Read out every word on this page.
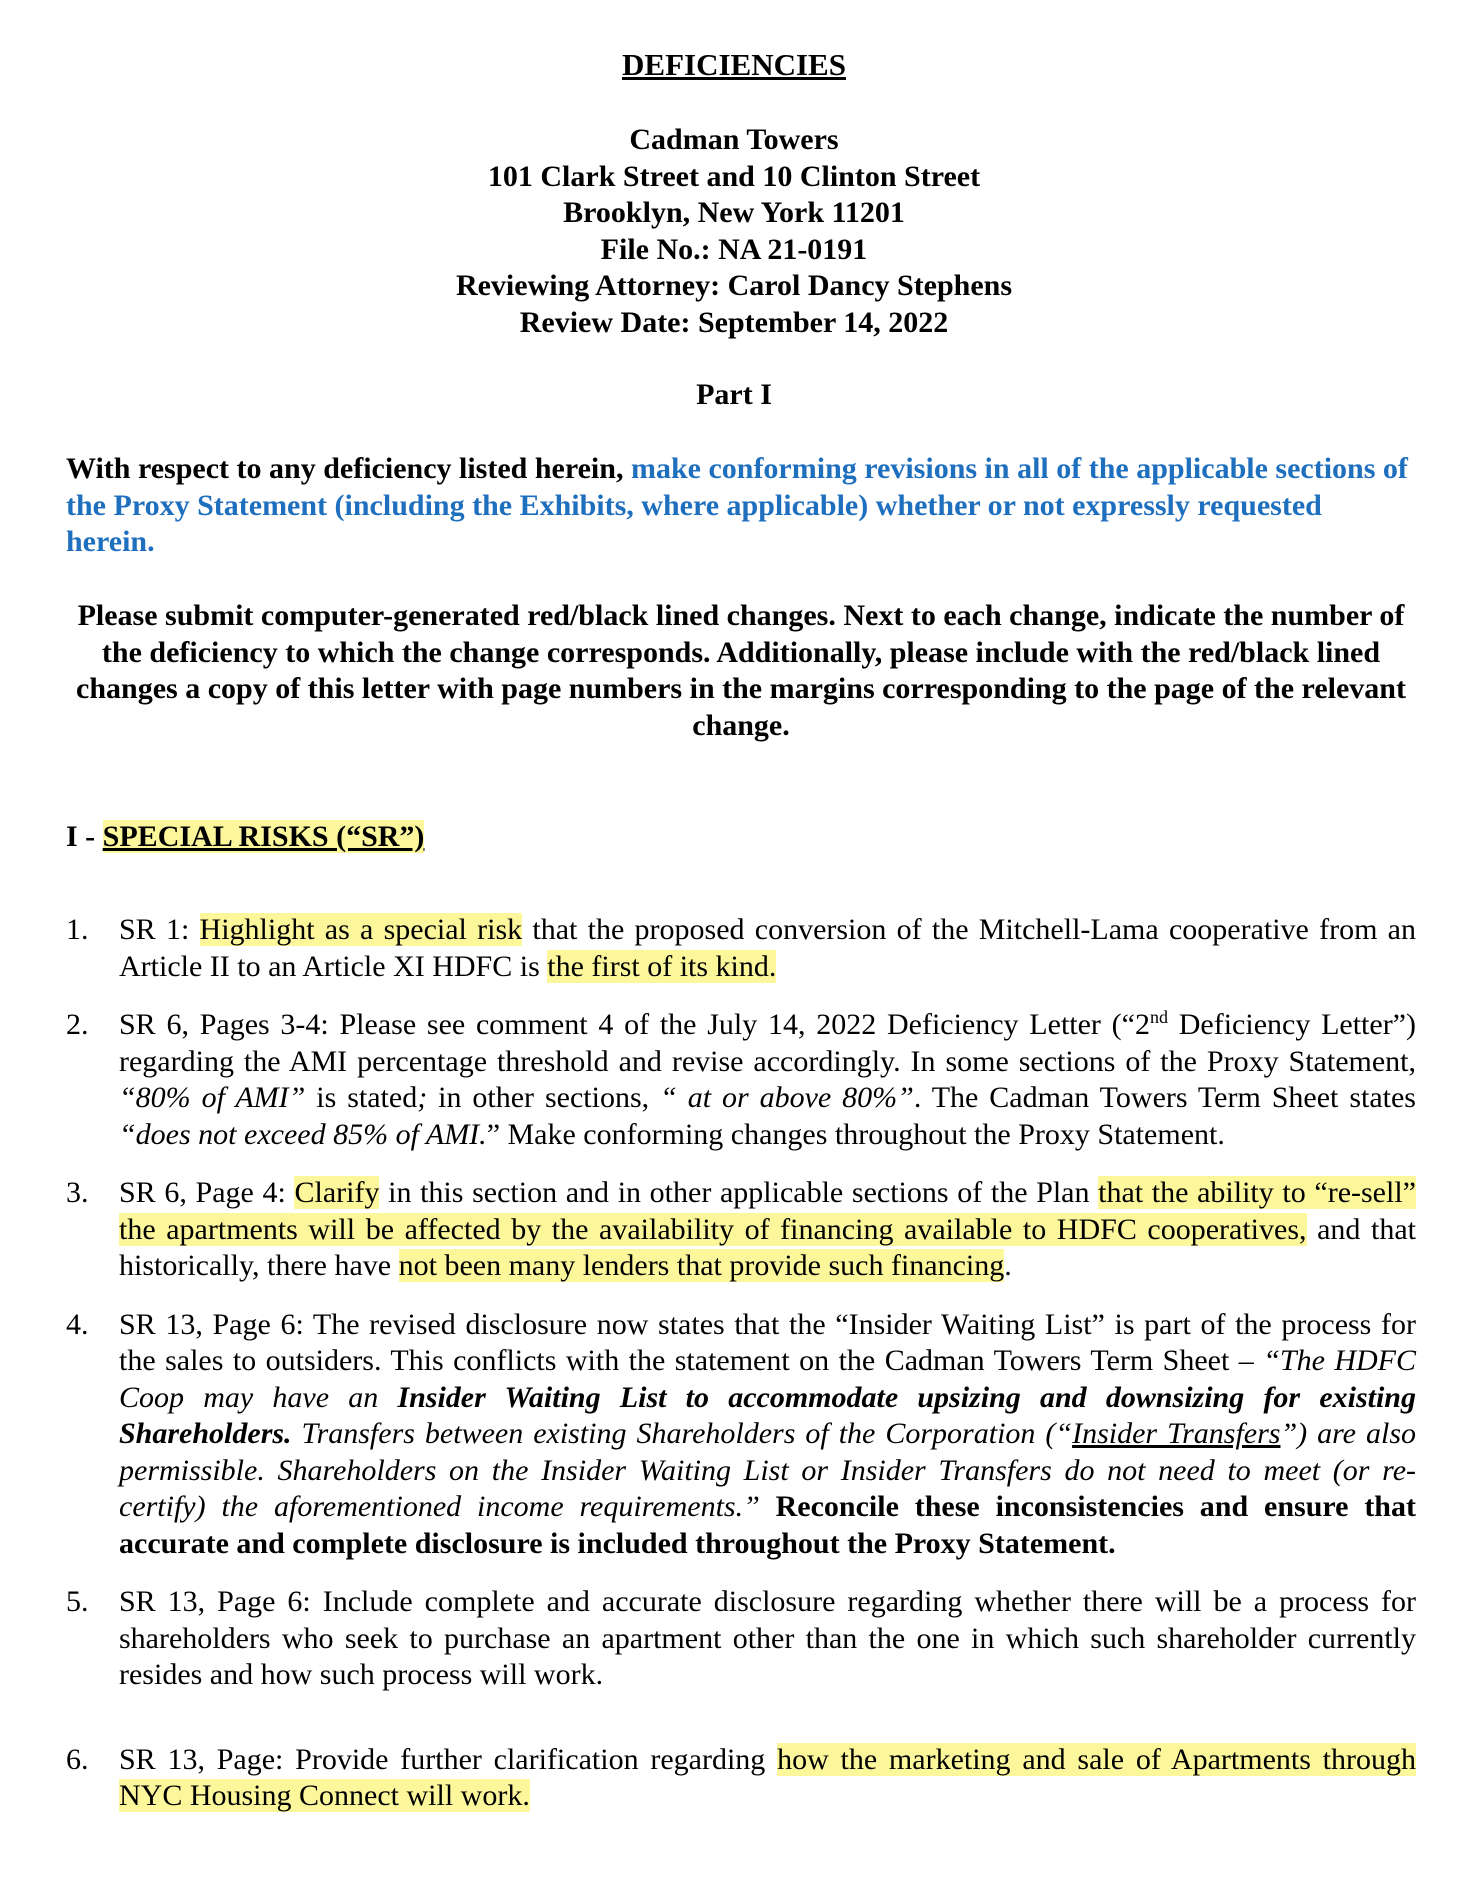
DEFICIENCIES
Cadman Towers
101 Clark Street and 10 Clinton Street
Brooklyn, New York 11201
File No.: NA 21-0191
Reviewing Attorney: Carol Dancy Stephens
Review Date: September 14, 2022
Part I
With respect to any deficiency listed herein, make conforming revisions in all of the applicable sections of the Proxy Statement (including the Exhibits, where applicable) whether or not expressly requested herein.
Please submit computer-generated red/black lined changes. Next to each change, indicate the number of the deficiency to which the change corresponds. Additionally, please include with the red/black lined changes a copy of this letter with page numbers in the margins corresponding to the page of the relevant change.
I - SPECIAL RISKS (“SR”)
1. SR 1: Highlight as a special risk that the proposed conversion of the Mitchell-Lama cooperative from an Article II to an Article XI HDFC is the first of its kind.
2. SR 6, Pages 3-4: Please see comment 4 of the July 14, 2022 Deficiency Letter (“2nd Deficiency Letter”) regarding the AMI percentage threshold and revise accordingly. In some sections of the Proxy Statement, “80% of AMI” is stated; in other sections, “ at or above 80%”. The Cadman Towers Term Sheet states “does not exceed 85% of AMI.” Make conforming changes throughout the Proxy Statement.
3. SR 6, Page 4: Clarify in this section and in other applicable sections of the Plan that the ability to “re-sell” the apartments will be affected by the availability of financing available to HDFC cooperatives, and that historically, there have not been many lenders that provide such financing.
4. SR 13, Page 6: The revised disclosure now states that the “Insider Waiting List” is part of the process for the sales to outsiders. This conflicts with the statement on the Cadman Towers Term Sheet – “The HDFC Coop may have an Insider Waiting List to accommodate upsizing and downsizing for existing Shareholders. Transfers between existing Shareholders of the Corporation (“Insider Transfers”) are also permissible. Shareholders on the Insider Waiting List or Insider Transfers do not need to meet (or re-certify) the aforementioned income requirements.” Reconcile these inconsistencies and ensure that accurate and complete disclosure is included throughout the Proxy Statement.
5. SR 13, Page 6: Include complete and accurate disclosure regarding whether there will be a process for shareholders who seek to purchase an apartment other than the one in which such shareholder currently resides and how such process will work.
6. SR 13, Page: Provide further clarification regarding how the marketing and sale of Apartments through NYC Housing Connect will work.
